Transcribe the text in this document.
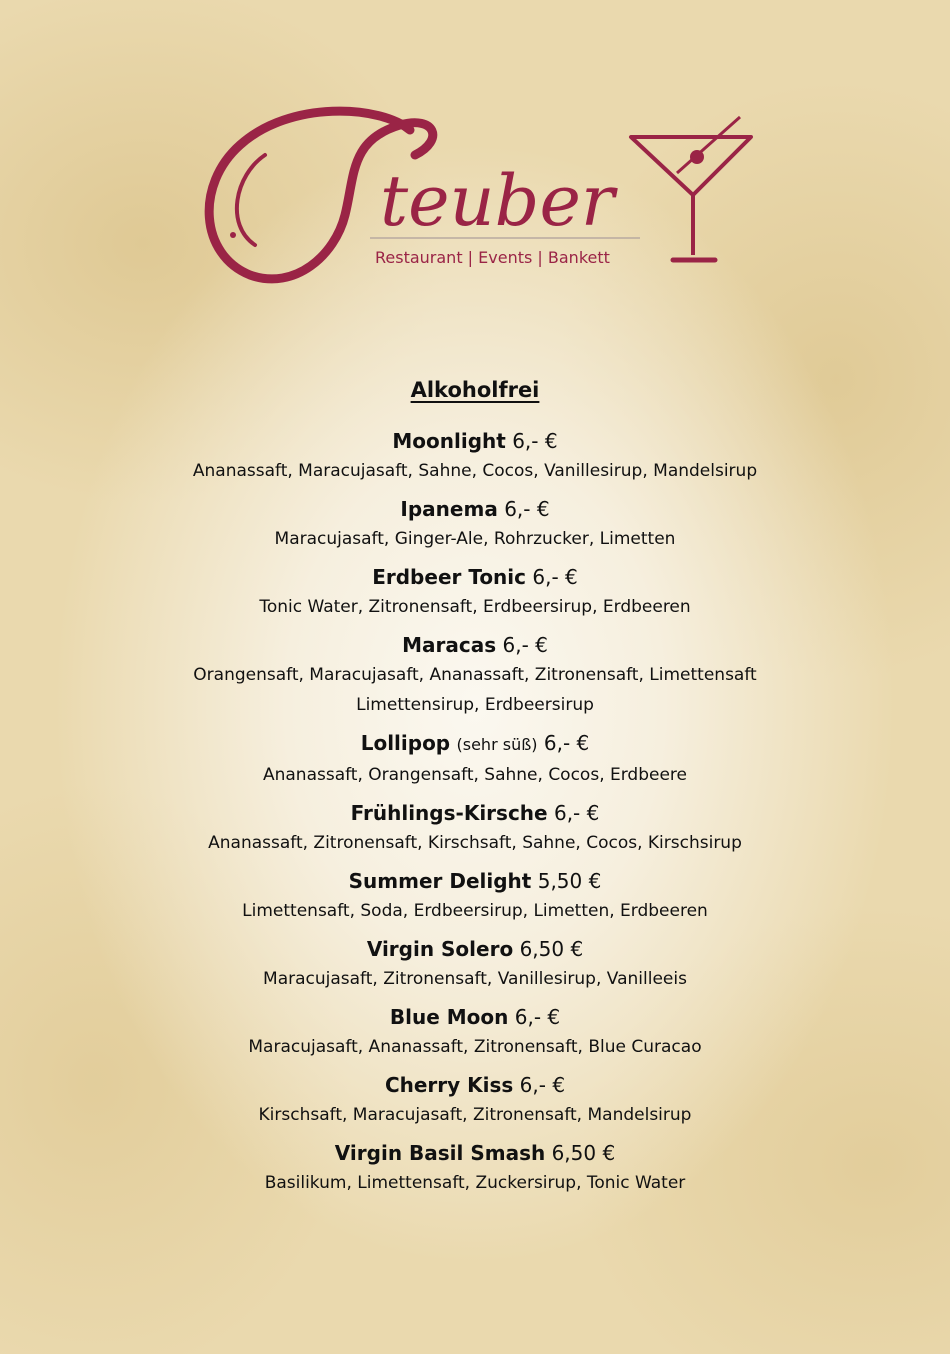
teuber
Restaurant | Events | Bankett
Alkoholfrei

Moonlight 6,- €

Ananassaft, Maracujasaft, Sahne, Cocos, Vanillesirup, Mandelsirup

Ipanema 6,- €

Maracujasaft, Ginger-Ale, Rohrzucker, Limetten

Erdbeer Tonic 6,- €

Tonic Water, Zitronensaft, Erdbeersirup, Erdbeeren

Maracas 6,- €

Orangensaft, Maracujasaft, Ananassaft, Zitronensaft, Limettensaft

Limettensirup, Erdbeersirup

Lollipop (sehr süß) 6,- €

Ananassaft, Orangensaft, Sahne, Cocos, Erdbeere

Frühlings-Kirsche 6,- €

Ananassaft, Zitronensaft, Kirschsaft, Sahne, Cocos, Kirschsirup

Summer Delight 5,50 €

Limettensaft, Soda, Erdbeersirup, Limetten, Erdbeeren

Virgin Solero 6,50 €

Maracujasaft, Zitronensaft, Vanillesirup, Vanilleeis

Blue Moon 6,- €

Maracujasaft, Ananassaft, Zitronensaft, Blue Curacao

Cherry Kiss 6,- €

Kirschsaft, Maracujasaft, Zitronensaft, Mandelsirup

Virgin Basil Smash 6,50 €

Basilikum, Limettensaft, Zuckersirup, Tonic Water
